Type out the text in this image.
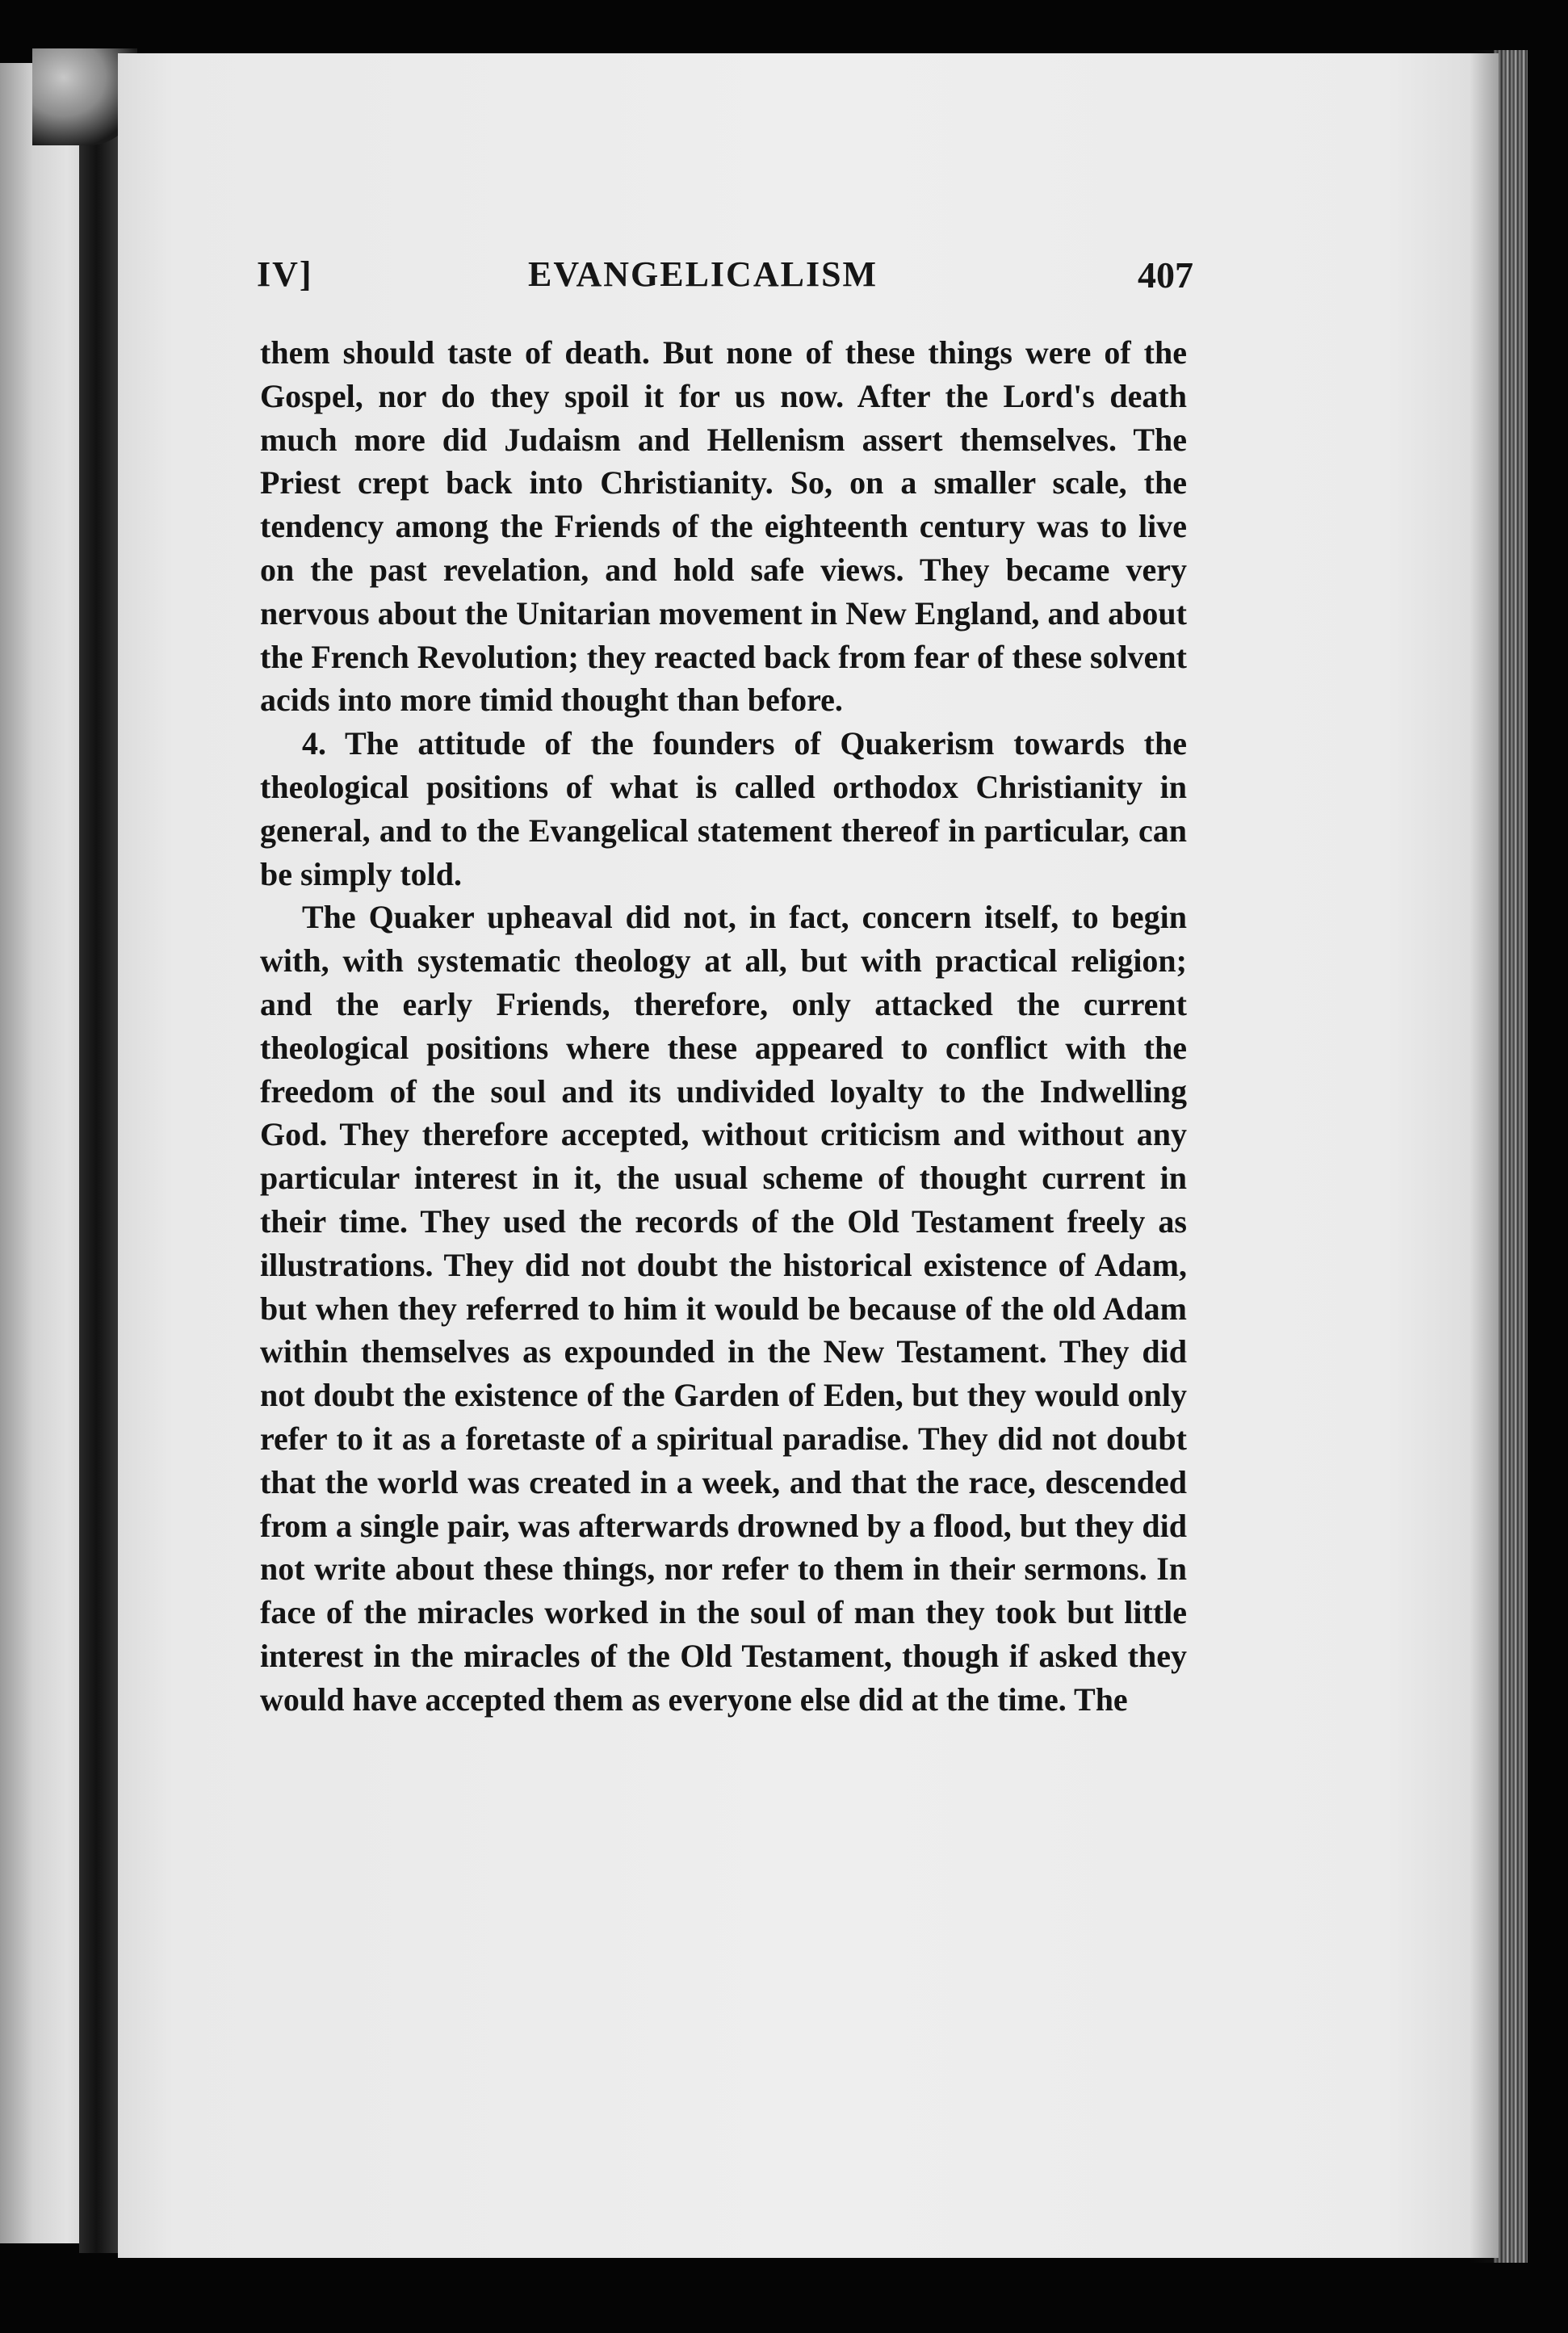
IV]	EVANGELICALISM	407

them should taste of death. But none of these things were of the Gospel, nor do they spoil it for us now. After the Lord's death much more did Judaism and Hellenism assert themselves. The Priest crept back into Christianity. So, on a smaller scale, the tendency among the Friends of the eighteenth century was to live on the past revelation, and hold safe views. They became very nervous about the Unitarian movement in New England, and about the French Revolution; they reacted back from fear of these solvent acids into more timid thought than before.

4. The attitude of the founders of Quakerism towards the theological positions of what is called orthodox Christianity in general, and to the Evangelical statement thereof in particular, can be simply told.

The Quaker upheaval did not, in fact, concern itself, to begin with, with systematic theology at all, but with practical religion; and the early Friends, therefore, only attacked the current theological positions where these appeared to conflict with the freedom of the soul and its undivided loyalty to the Indwelling God. They therefore accepted, without criticism and without any particular interest in it, the usual scheme of thought current in their time. They used the records of the Old Testament freely as illustrations. They did not doubt the historical existence of Adam, but when they referred to him it would be because of the old Adam within themselves as expounded in the New Testament. They did not doubt the existence of the Garden of Eden, but they would only refer to it as a foretaste of a spiritual paradise. They did not doubt that the world was created in a week, and that the race, descended from a single pair, was afterwards drowned by a flood, but they did not write about these things, nor refer to them in their sermons. In face of the miracles worked in the soul of man they took but little interest in the miracles of the Old Testament, though if asked they would have accepted them as everyone else did at the time. The
